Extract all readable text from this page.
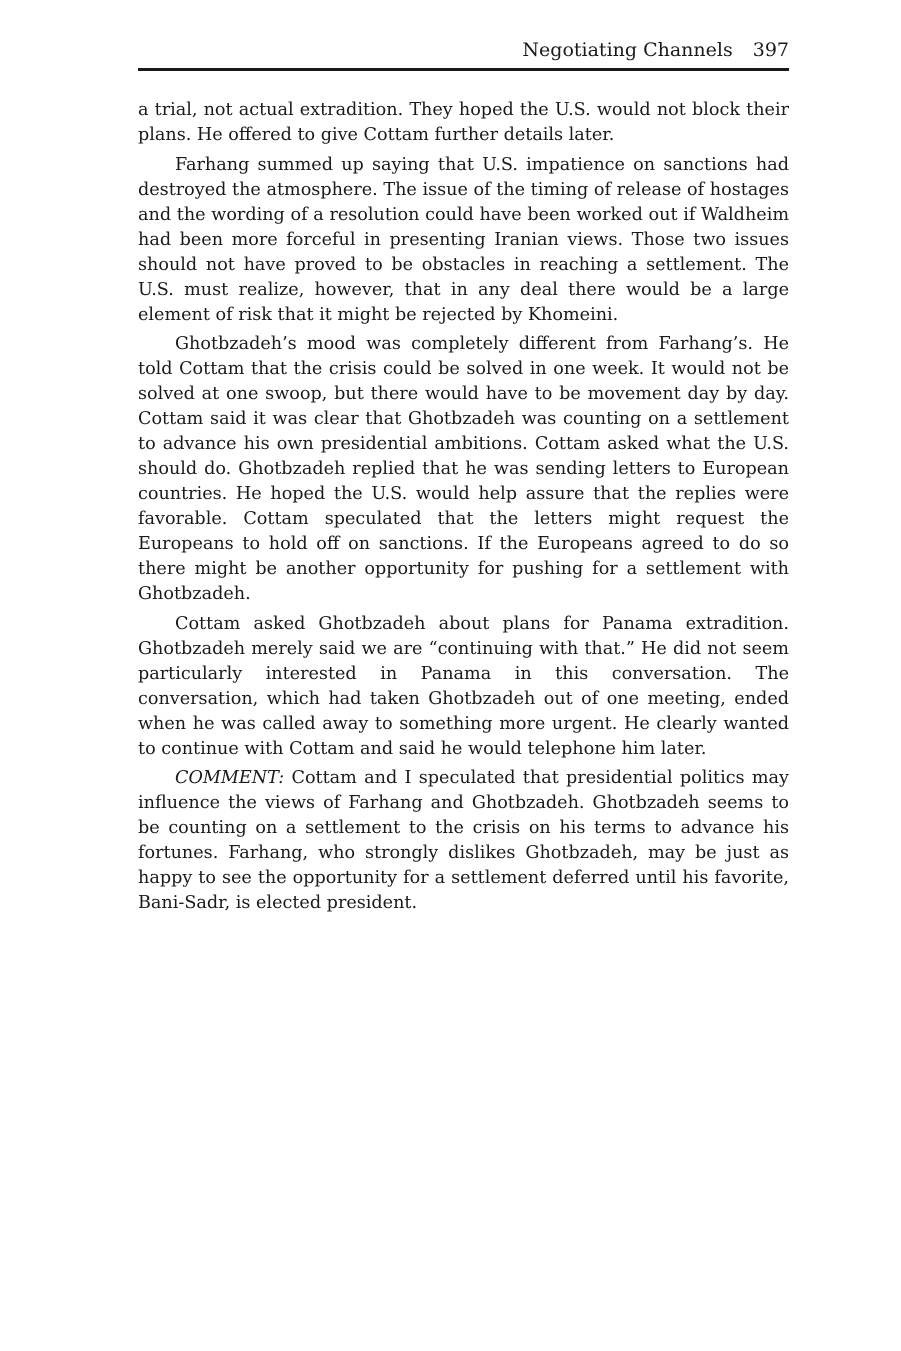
Negotiating Channels 397

a trial, not actual extradition. They hoped the U.S. would not block their plans. He offered to give Cottam further details later.

Farhang summed up saying that U.S. impatience on sanctions had destroyed the atmosphere. The issue of the timing of release of hostages and the wording of a resolution could have been worked out if Waldheim had been more forceful in presenting Iranian views. Those two issues should not have proved to be obstacles in reaching a settlement. The U.S. must realize, however, that in any deal there would be a large element of risk that it might be rejected by Khomeini.

Ghotbzadeh’s mood was completely different from Farhang’s. He told Cottam that the crisis could be solved in one week. It would not be solved at one swoop, but there would have to be movement day by day. Cottam said it was clear that Ghotbzadeh was counting on a settlement to advance his own presidential ambitions. Cottam asked what the U.S. should do. Ghotbzadeh replied that he was sending letters to European countries. He hoped the U.S. would help assure that the replies were favorable. Cottam speculated that the letters might request the Europeans to hold off on sanctions. If the Europeans agreed to do so there might be another opportunity for pushing for a settlement with Ghotbzadeh.

Cottam asked Ghotbzadeh about plans for Panama extradition. Ghotbzadeh merely said we are “continuing with that.” He did not seem particularly interested in Panama in this conversation. The conversation, which had taken Ghotbzadeh out of one meeting, ended when he was called away to something more urgent. He clearly wanted to continue with Cottam and said he would telephone him later.

COMMENT: Cottam and I speculated that presidential politics may influence the views of Farhang and Ghotbzadeh. Ghotbzadeh seems to be counting on a settlement to the crisis on his terms to advance his fortunes. Farhang, who strongly dislikes Ghotbzadeh, may be just as happy to see the opportunity for a settlement deferred until his favorite, Bani-Sadr, is elected president.
